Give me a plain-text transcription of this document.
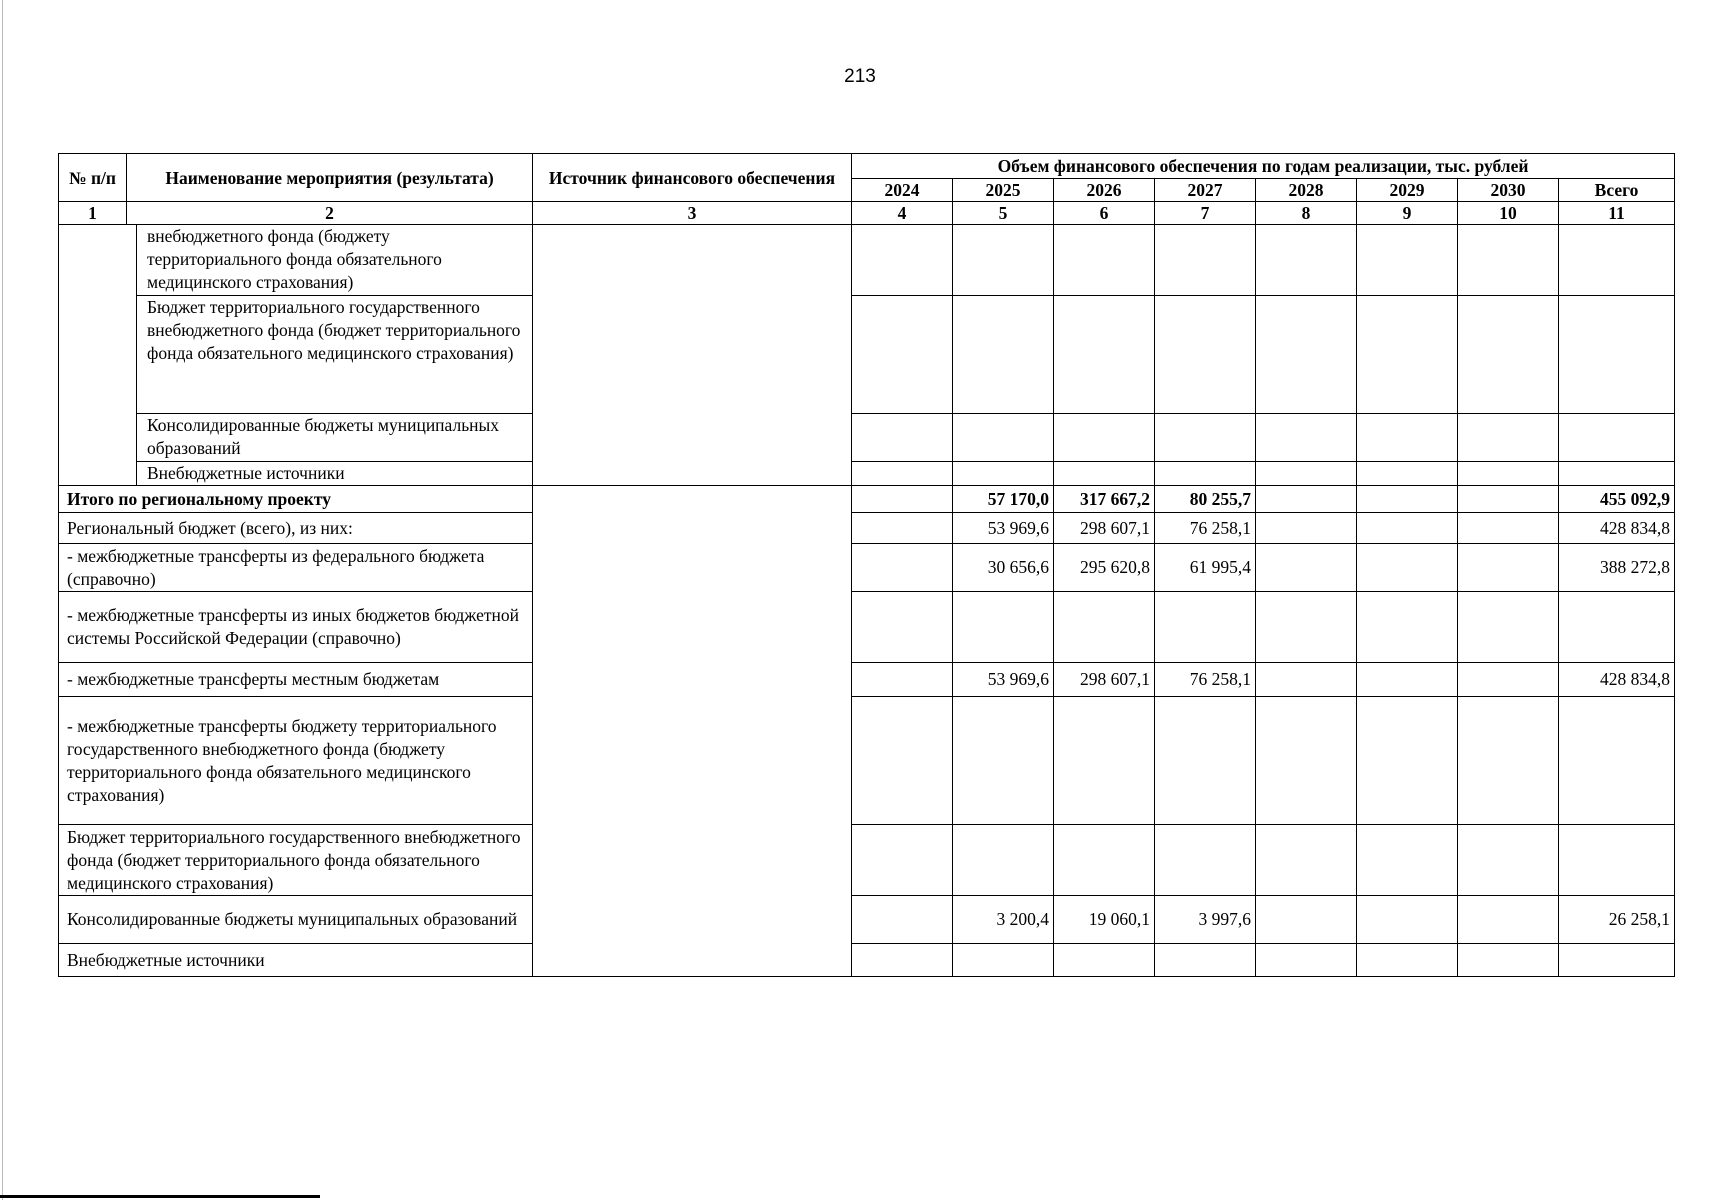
213
№ п/п	Наименование мероприятия (результата)		Источник финансового обеспечения	Объем финансового обеспечения по годам реализации, тыс. рублей							
				2024	2025	2026	2027	2028	2029	2030	Всего
1	2		3	4	5	6	7	8	9	10	11
		внебюджетного фонда (бюджету территориального фонда обязательного медицинского страхования)									
		Бюджет территориального государственного внебюджетного фонда (бюджет территориального фонда обязательного медицинского страхования)									
		Консолидированные бюджеты муниципальных образований									
		Внебюджетные источники									
Итого по региональному проекту					57 170,0	317 667,2	80 255,7				455 092,9
Региональный бюджет (всего), из них:					53 969,6	298 607,1	76 258,1				428 834,8
- межбюджетные трансферты из федерального бюджета (справочно)					30 656,6	295 620,8	61 995,4				388 272,8
- межбюджетные трансферты из иных бюджетов бюджетной системы Российской Федерации (справочно)											
- межбюджетные трансферты местным бюджетам					53 969,6	298 607,1	76 258,1				428 834,8
- межбюджетные трансферты бюджету территориального государственного внебюджетного фонда (бюджету территориального фонда обязательного медицинского страхования)											
Бюджет территориального государственного внебюджетного фонда (бюджет территориального фонда обязательного медицинского страхования)											
Консолидированные бюджеты муниципальных образований					3 200,4	19 060,1	3 997,6				26 258,1
Внебюджетные источники											
